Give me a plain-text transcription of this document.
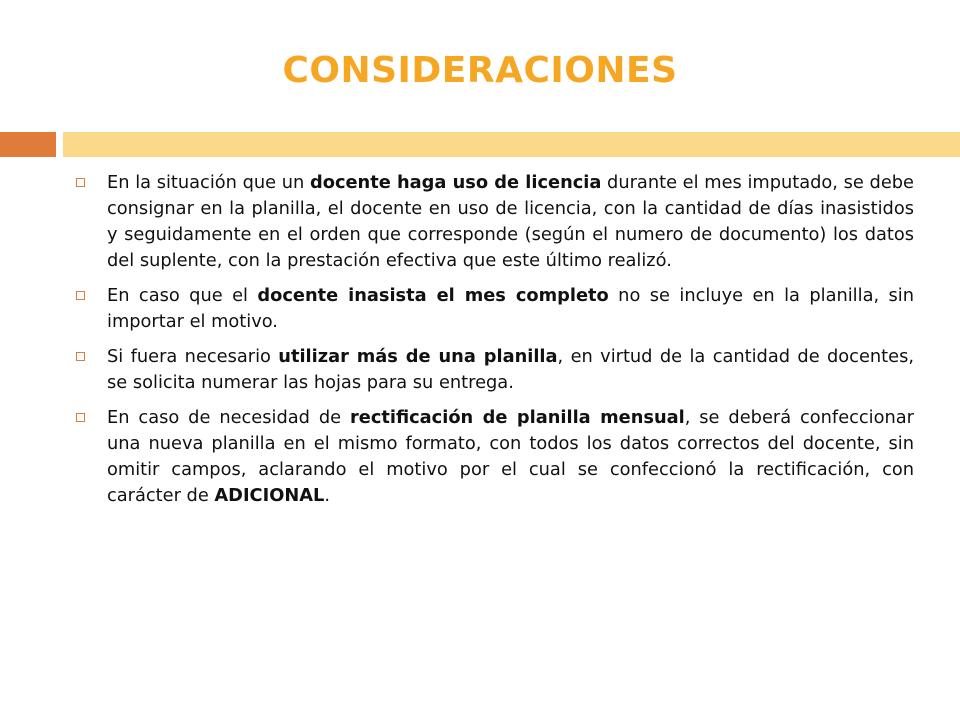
CONSIDERACIONES
En la situación que un docente haga uso de licencia durante el mes imputado, se debe consignar en la planilla, el docente en uso de licencia, con la cantidad de días inasistidos y seguidamente en el orden que corresponde (según el numero de documento) los datos del suplente, con la prestación efectiva que este último realizó.
En caso que el docente inasista el mes completo no se incluye en la planilla, sin importar el motivo.
Si fuera necesario utilizar más de una planilla, en virtud de la cantidad de docentes, se solicita numerar las hojas para su entrega.
En caso de necesidad de rectificación de planilla mensual, se deberá confeccionar una nueva planilla en el mismo formato, con todos los datos correctos del docente, sin omitir campos, aclarando el motivo por el cual se confeccionó la rectificación, con carácter de ADICIONAL.
